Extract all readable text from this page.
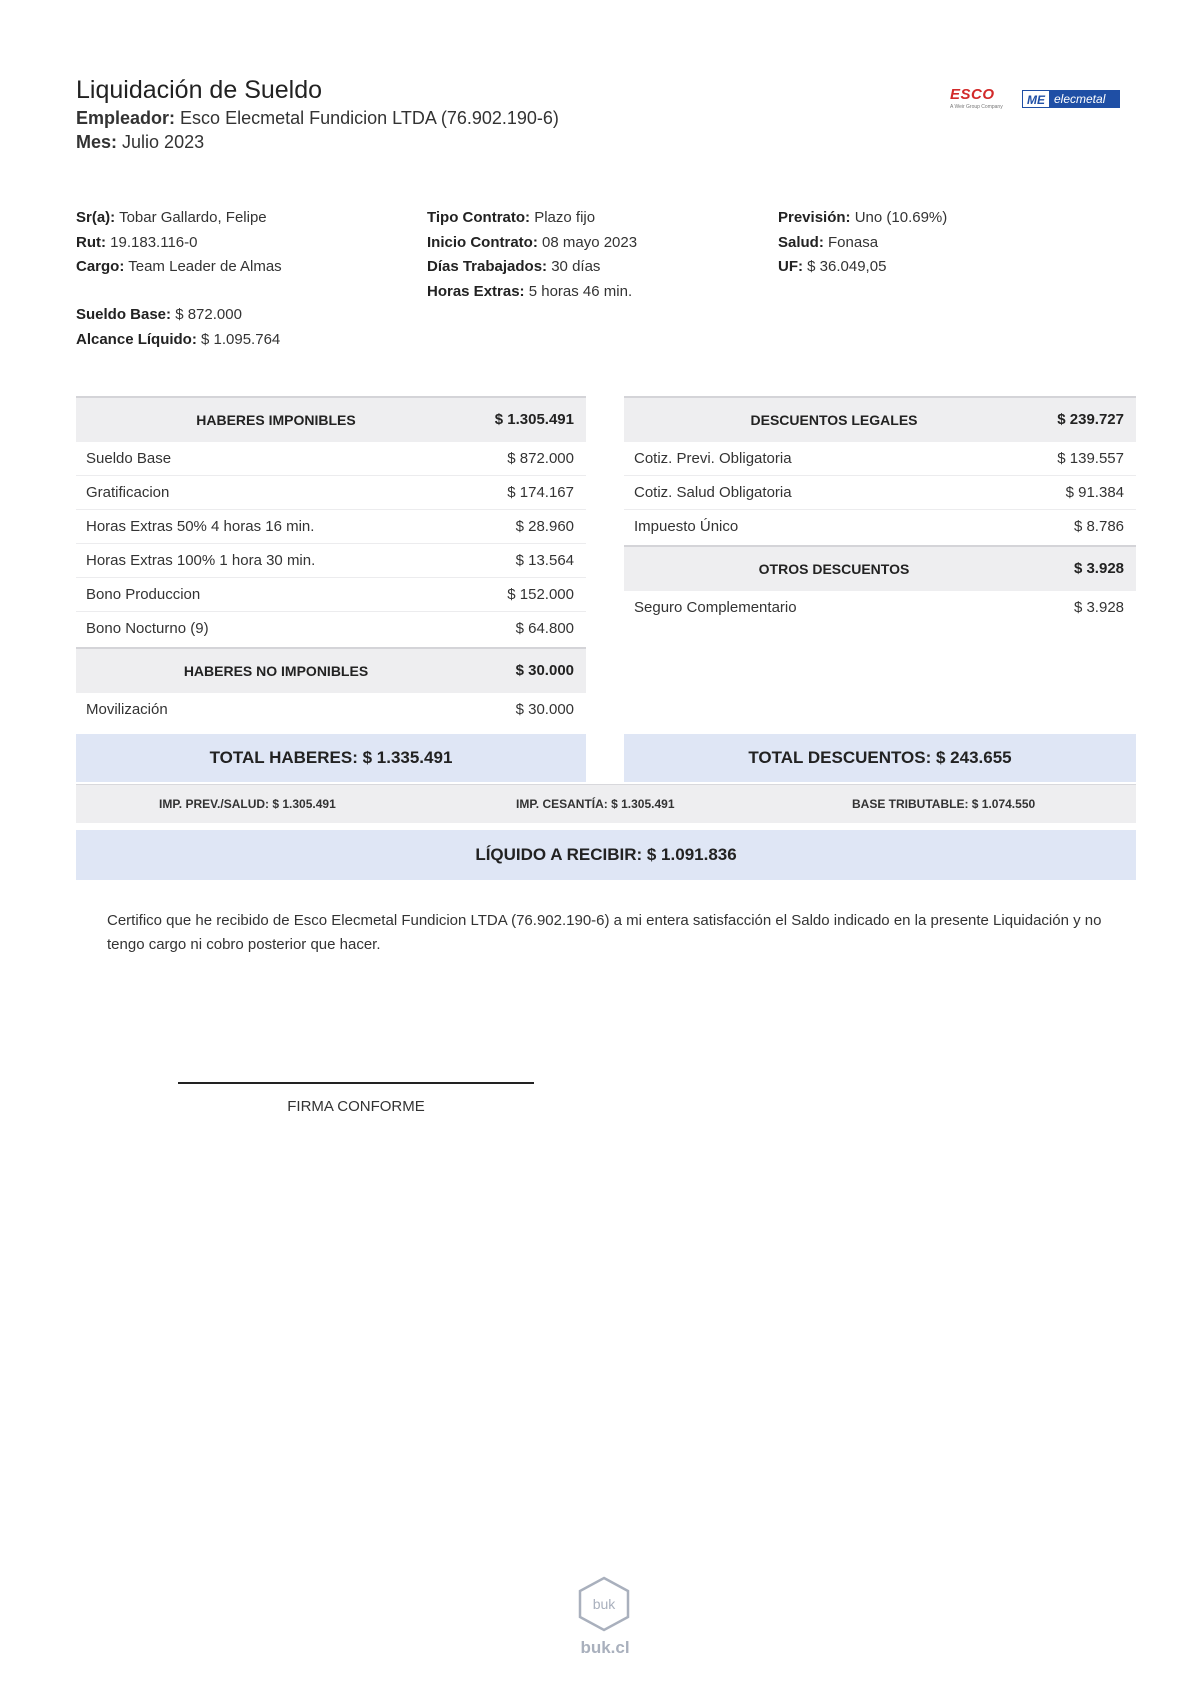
Liquidación de Sueldo
Empleador: Esco Elecmetal Fundicion LTDA (76.902.190-6)
Mes: Julio 2023
ESCO
A Weir Group Company	ME elecmetal
Sr(a): Tobar Gallardo, Felipe
Rut: 19.183.116-0
Cargo: Team Leader de Almas
Sueldo Base: $ 872.000
Alcance Líquido: $ 1.095.764
Tipo Contrato: Plazo fijo
Inicio Contrato: 08 mayo 2023
Días Trabajados: 30 días
Horas Extras: 5 horas 46 min.
Previsión: Uno (10.69%)
Salud: Fonasa
UF: $ 36.049,05
HABERES IMPONIBLES	$ 1.305.491
Sueldo Base	$ 872.000
Gratificacion	$ 174.167
Horas Extras 50% 4 horas 16 min.	$ 28.960
Horas Extras 100% 1 hora 30 min.	$ 13.564
Bono Produccion	$ 152.000
Bono Nocturno (9)	$ 64.800
HABERES NO IMPONIBLES	$ 30.000
Movilización	$ 30.000
DESCUENTOS LEGALES	$ 239.727
Cotiz. Previ. Obligatoria	$ 139.557
Cotiz. Salud Obligatoria	$ 91.384
Impuesto Único	$ 8.786
OTROS DESCUENTOS	$ 3.928
Seguro Complementario	$ 3.928
TOTAL HABERES: $ 1.335.491	TOTAL DESCUENTOS: $ 243.655
IMP. PREV./SALUD: $ 1.305.491	IMP. CESANTÍA: $ 1.305.491	BASE TRIBUTABLE: $ 1.074.550
LÍQUIDO A RECIBIR: $ 1.091.836
Certifico que he recibido de Esco Elecmetal Fundicion LTDA (76.902.190-6) a mi entera satisfacción el Saldo indicado en la presente Liquidación y no tengo cargo ni cobro posterior que hacer.
FIRMA CONFORME
buk
buk.cl
